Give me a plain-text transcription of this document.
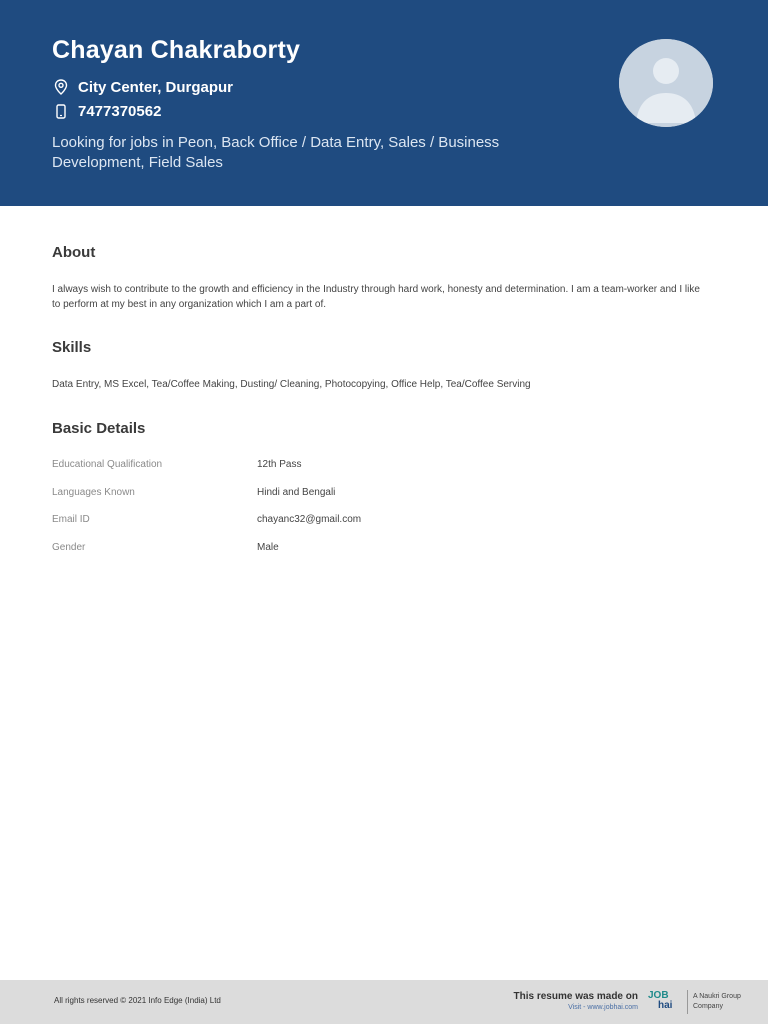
Chayan Chakraborty
City Center, Durgapur
7477370562
Looking for jobs in Peon, Back Office / Data Entry, Sales / Business Development, Field Sales
About
I always wish to contribute to the growth and efficiency in the Industry through hard work, honesty and determination. I am a team-worker and I like to perform at my best in any organization which I am a part of.
Skills
Data Entry, MS Excel, Tea/Coffee Making, Dusting/ Cleaning, Photocopying, Office Help, Tea/Coffee Serving
Basic Details
Educational Qualification	12th Pass
Languages Known	Hindi and Bengali
Email ID	chayanc32@gmail.com
Gender	Male
All rights reserved © 2021 Info Edge (India) Ltd	This resume was made on
Visit - www.jobhai.com
JOB
hai
A Naukri Group
Company
